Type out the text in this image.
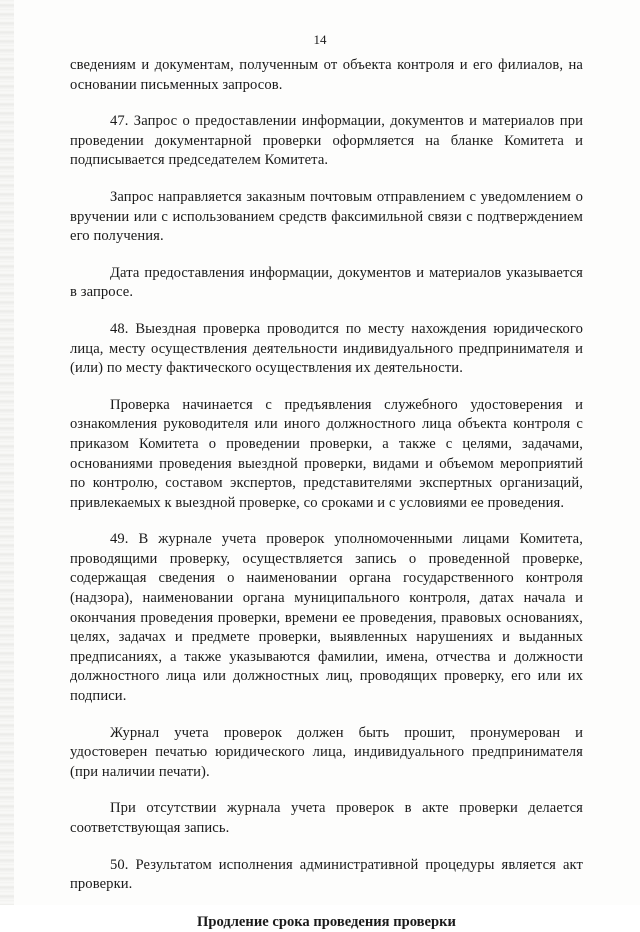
14

сведениям и документам, полученным от объекта контроля и его филиалов, на основании письменных запросов.

47. Запрос о предоставлении информации, документов и материалов при проведении документарной проверки оформляется на бланке Комитета и подписывается председателем Комитета.

Запрос направляется заказным почтовым отправлением с уведомлением о вручении или с использованием средств факсимильной связи с подтверждением его получения.

Дата предоставления информации, документов и материалов указывается в запросе.

48. Выездная проверка проводится по месту нахождения юридического лица, месту осуществления деятельности индивидуального предпринимателя и (или) по месту фактического осуществления их деятельности.

Проверка начинается с предъявления служебного удостоверения и ознакомления руководителя или иного должностного лица объекта контроля с приказом Комитета о проведении проверки, а также с целями, задачами, основаниями проведения выездной проверки, видами и объемом мероприятий по контролю, составом экспертов, представителями экспертных организаций, привлекаемых к выездной проверке, со сроками и с условиями ее проведения.

49. В журнале учета проверок уполномоченными лицами Комитета, проводящими проверку, осуществляется запись о проведенной проверке, содержащая сведения о наименовании органа государственного контроля (надзора), наименовании органа муниципального контроля, датах начала и окончания проведения проверки, времени ее проведения, правовых основаниях, целях, задачах и предмете проверки, выявленных нарушениях и выданных предписаниях, а также указываются фамилии, имена, отчества и должности должностного лица или должностных лиц, проводящих проверку, его или их подписи.

Журнал учета проверок должен быть прошит, пронумерован и удостоверен печатью юридического лица, индивидуального предпринимателя (при наличии печати).

При отсутствии журнала учета проверок в акте проверки делается соответствующая запись.

50. Результатом исполнения административной процедуры является акт проверки.

Продление срока проведения проверки
